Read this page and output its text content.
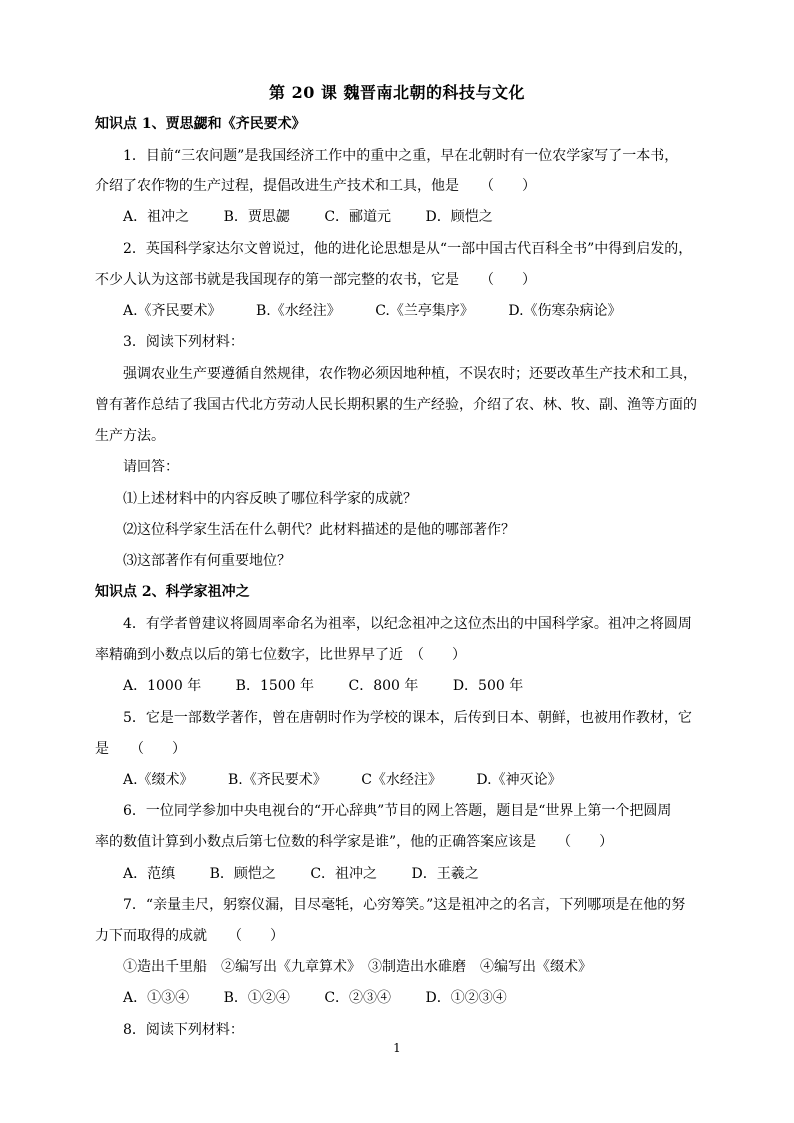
第 20 课 魏晋南北朝的科技与文化
知识点 1、贾思勰和《齐民要术》
1．目前“三农问题”是我国经济工作中的重中之重，早在北朝时有一位农学家写了一本书，
介绍了农作物的生产过程，提倡改进生产技术和工具，他是　　（　　）
A．祖冲之 B．贾思勰 C．郦道元 D．顾恺之
2．英国科学家达尔文曾说过，他的进化论思想是从“一部中国古代百科全书”中得到启发的，
不少人认为这部书就是我国现存的第一部完整的农书，它是　　（　　）
A.《齐民要术》 B.《水经注》 C.《兰亭集序》 D.《伤寒杂病论》
3．阅读下列材料：
强调农业生产要遵循自然规律，农作物必须因地种植，不误农时；还要改革生产技术和工具，
曾有著作总结了我国古代北方劳动人民长期积累的生产经验，介绍了农、林、牧、副、渔等方面的
生产方法。
请回答：
⑴上述材料中的内容反映了哪位科学家的成就？
⑵这位科学家生活在什么朝代？此材料描述的是他的哪部著作？
⑶这部著作有何重要地位？
知识点 2、科学家祖冲之
4．有学者曾建议将圆周率命名为祖率，以纪念祖冲之这位杰出的中国科学家。祖冲之将圆周
率精确到小数点以后的第七位数字，比世界早了近　（　　）
A．1000 年 B．1500 年 C．800 年 D．500 年
5．它是一部数学著作，曾在唐朝时作为学校的课本，后传到日本、朝鲜，也被用作教材，它
是　　（　　）
A.《缀术》 B.《齐民要术》 C《水经注》 D.《神灭论》
6．一位同学参加中央电视台的“开心辞典”节目的网上答题，题目是“世界上第一个把圆周
率的数值计算到小数点后第七位数的科学家是谁”，他的正确答案应该是　　（　　）
A．范缜 B．顾恺之 C．祖冲之 D．王羲之
7．“亲量圭尺，躬察仪漏，目尽毫牦，心穷筹笑。”这是祖冲之的名言，下列哪项是在他的努
力下而取得的成就　　（　　）
①造出千里船　②编写出《九章算术》　③制造出水碓磨　④编写出《缀术》
A．①③④ B．①②④ C．②③④ D．①②③④
8．阅读下列材料：
1
